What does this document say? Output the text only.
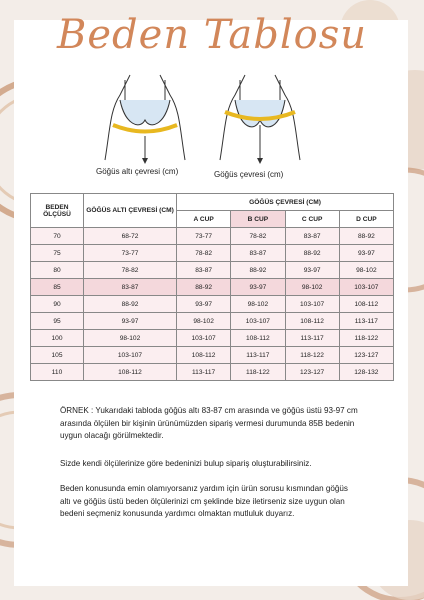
Beden Tablosu
Göğüs altı çevresi (cm)	Göğüs çevresi (cm)
BEDEN ÖLÇÜSÜ	GÖĞÜS ALTI ÇEVRESİ (CM)	GÖĞÜS ÇEVRESİ (CM)			
		A CUP	B CUP	C CUP	D CUP
70	68-72	73-77	78-82	83-87	88-92
75	73-77	78-82	83-87	88-92	93-97
80	78-82	83-87	88-92	93-97	98-102
85	83-87	88-92	93-97	98-102	103-107
90	88-92	93-97	98-102	103-107	108-112
95	93-97	98-102	103-107	108-112	113-117
100	98-102	103-107	108-112	113-117	118-122
105	103-107	108-112	113-117	118-122	123-127
110	108-112	113-117	118-122	123-127	128-132
ÖRNEK : Yukarıdaki tabloda göğüs altı 83-87 cm arasında ve göğüs üstü 93-97 cm arasında ölçülen bir kişinin ürünümüzden sipariş vermesi durumunda 85B bedenin uygun olacağı görülmektedir.
Sizde kendi ölçülerinize göre bedeninizi bulup sipariş oluşturabilirsiniz.
Beden konusunda emin olamıyorsanız yardım için ürün sorusu kısmından göğüs altı ve göğüs üstü beden ölçülerinizi cm şeklinde bize iletirseniz size uygun olan bedeni seçmeniz konusunda yardımcı olmaktan mutluluk duyarız.
